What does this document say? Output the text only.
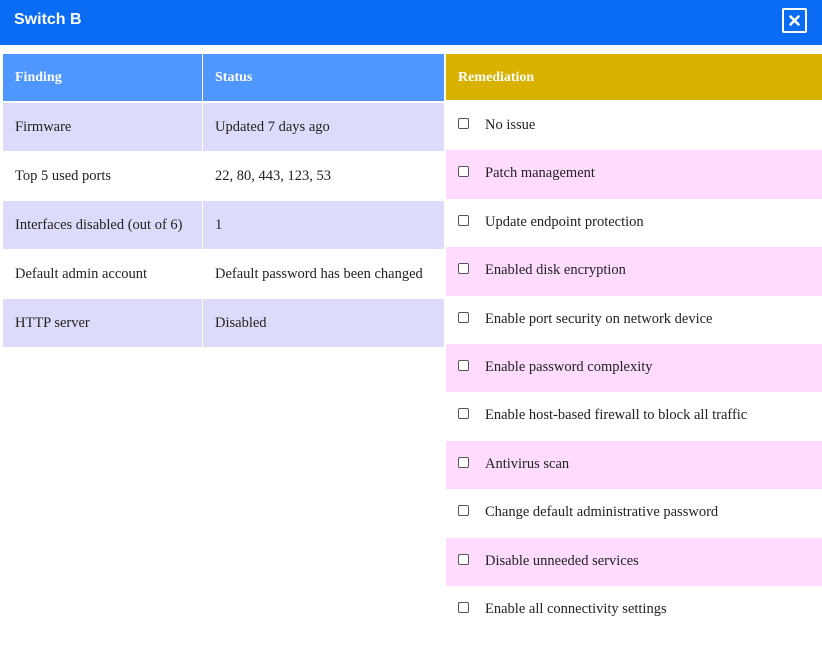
Switch B
Finding	Status
Firmware	Updated 7 days ago
Top 5 used ports	22, 80, 443, 123, 53
Interfaces disabled (out of 6)	1
Default admin account	Default password has been changed
HTTP server	Disabled
Remediation
No issue
Patch management
Update endpoint protection
Enabled disk encryption
Enable port security on network device
Enable password complexity
Enable host-based firewall to block all traffic
Antivirus scan
Change default administrative password
Disable unneeded services
Enable all connectivity settings
